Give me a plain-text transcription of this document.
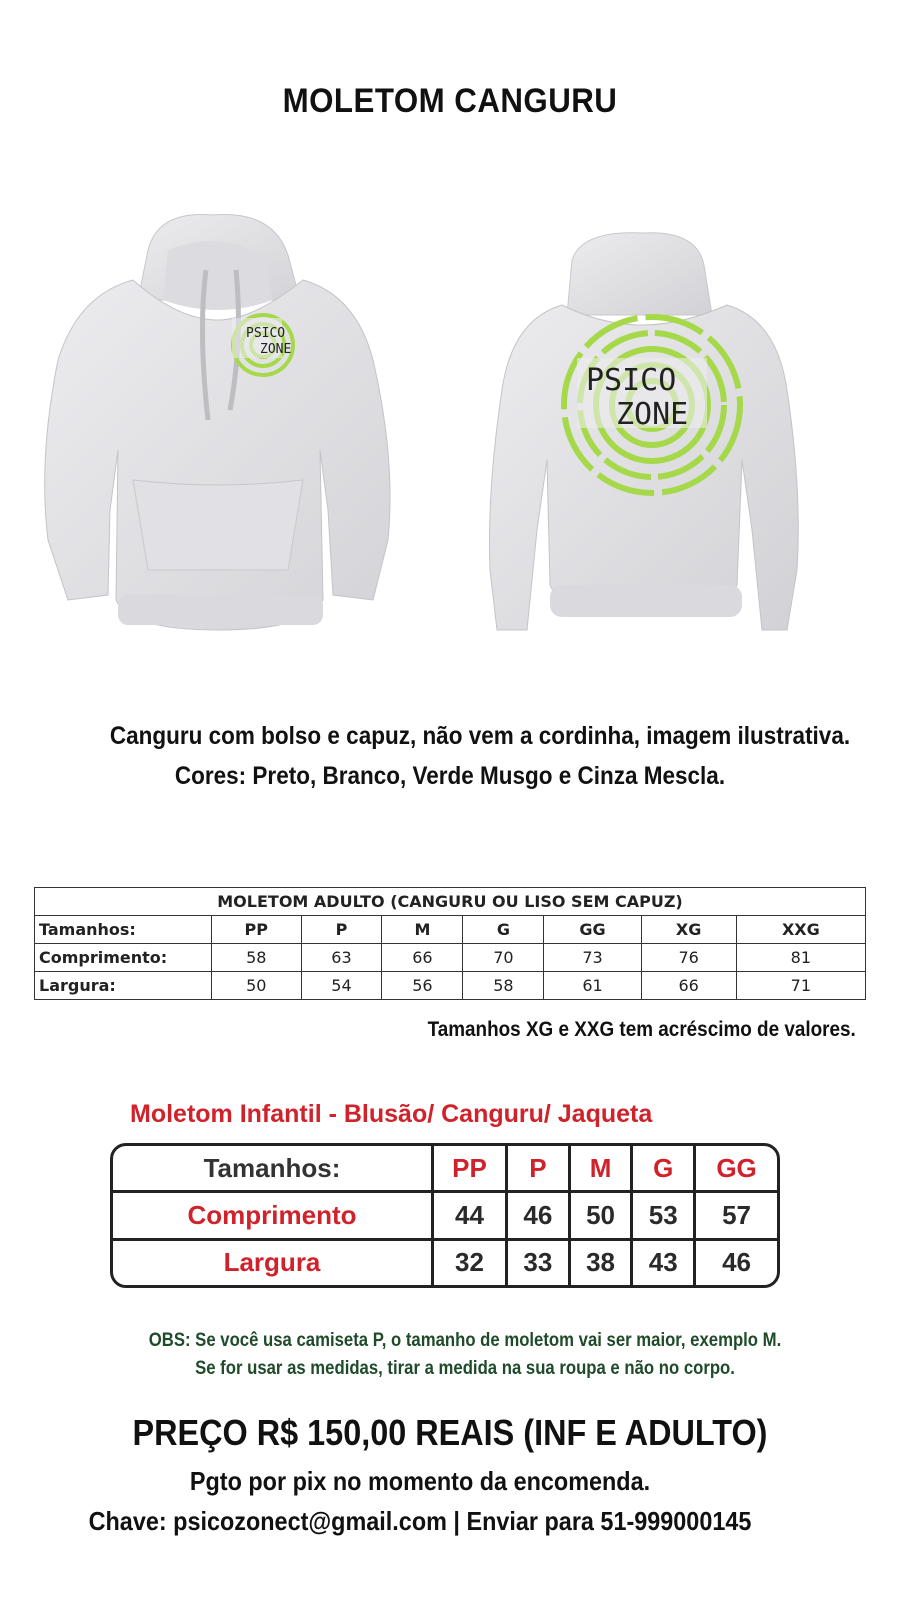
MOLETOM CANGURU
PSICO
ZONE
PSICO
ZONE
Canguru com bolso e capuz, não vem a cordinha, imagem ilustrativa.
Cores: Preto, Branco, Verde Musgo e Cinza Mescla.
MOLETOM ADULTO (CANGURU OU LISO SEM CAPUZ)							
Tamanhos:	PP	P	M	G	GG	XG	XXG
Comprimento:	58	63	66	70	73	76	81
Largura:	50	54	56	58	61	66	71
Tamanhos XG e XXG tem acréscimo de valores.
Moletom Infantil - Blusão/ Canguru/ Jaqueta
Tamanhos:	PP	P	M	G	GG
Comprimento	44	46	50	53	57
Largura	32	33	38	43	46
OBS: Se você usa camiseta P, o tamanho de moletom vai ser maior, exemplo M.
Se for usar as medidas, tirar a medida na sua roupa e não no corpo.
PREÇO R$ 150,00 REAIS (INF E ADULTO)
Pgto por pix no momento da encomenda.
Chave: psicozonect@gmail.com | Enviar para 51-999000145
